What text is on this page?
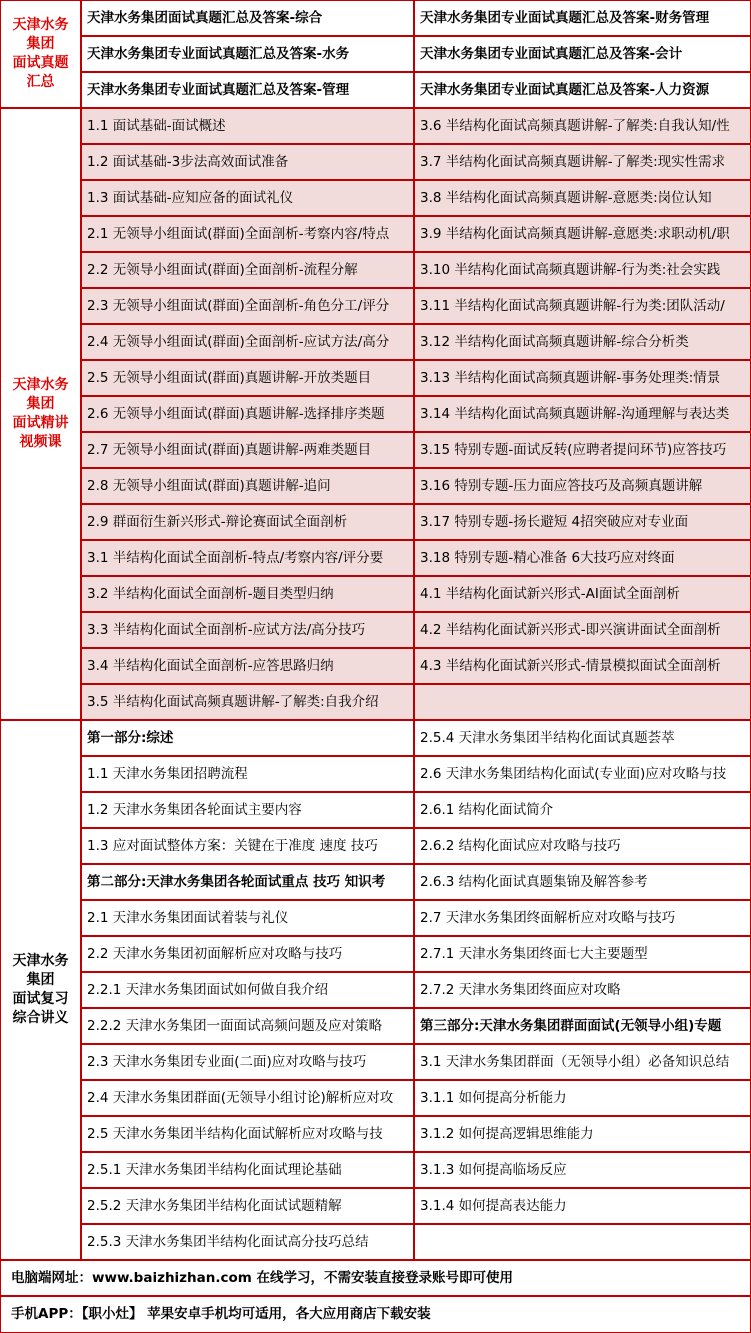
天津水务
集团
面试真题
汇总
天津水务
集团
面试精讲
视频课
天津水务
集团
面试复习
综合讲义
天津水务集团面试真题汇总及答案-综合
天津水务集团专业面试真题汇总及答案-水务
天津水务集团专业面试真题汇总及答案-管理
天津水务集团专业面试真题汇总及答案-财务管理
天津水务集团专业面试真题汇总及答案-会计
天津水务集团专业面试真题汇总及答案-人力资源
1.1 面试基础-面试概述
1.2 面试基础-3步法高效面试准备
1.3 面试基础-应知应备的面试礼仪
2.1 无领导小组面试(群面)全面剖析-考察内容/特点
2.2 无领导小组面试(群面)全面剖析-流程分解
2.3 无领导小组面试(群面)全面剖析-角色分工/评分
2.4 无领导小组面试(群面)全面剖析-应试方法/高分
2.5 无领导小组面试(群面)真题讲解-开放类题目
2.6 无领导小组面试(群面)真题讲解-选择排序类题
2.7 无领导小组面试(群面)真题讲解-两难类题目
2.8 无领导小组面试(群面)真题讲解-追问
2.9 群面衍生新兴形式-辩论赛面试全面剖析
3.1 半结构化面试全面剖析-特点/考察内容/评分要
3.2 半结构化面试全面剖析-题目类型归纳
3.3 半结构化面试全面剖析-应试方法/高分技巧
3.4 半结构化面试全面剖析-应答思路归纳
3.5 半结构化面试高频真题讲解-了解类:自我介绍
3.6 半结构化面试高频真题讲解-了解类:自我认知/性
3.7 半结构化面试高频真题讲解-了解类:现实性需求
3.8 半结构化面试高频真题讲解-意愿类:岗位认知
3.9 半结构化面试高频真题讲解-意愿类:求职动机/职
3.10 半结构化面试高频真题讲解-行为类:社会实践
3.11 半结构化面试高频真题讲解-行为类:团队活动/
3.12 半结构化面试高频真题讲解-综合分析类
3.13 半结构化面试高频真题讲解-事务处理类:情景
3.14 半结构化面试高频真题讲解-沟通理解与表达类
3.15 特别专题-面试反转(应聘者提问环节)应答技巧
3.16 特别专题-压力面应答技巧及高频真题讲解
3.17 特别专题-扬长避短 4招突破应对专业面
3.18 特别专题-精心准备 6大技巧应对终面
4.1 半结构化面试新兴形式-AI面试全面剖析
4.2 半结构化面试新兴形式-即兴演讲面试全面剖析
4.3 半结构化面试新兴形式-情景模拟面试全面剖析
第一部分:综述
1.1 天津水务集团招聘流程
1.2 天津水务集团各轮面试主要内容
1.3 应对面试整体方案：关键在于准度 速度 技巧
第二部分:天津水务集团各轮面试重点 技巧 知识考
2.1 天津水务集团面试着装与礼仪
2.2 天津水务集团初面解析应对攻略与技巧
2.2.1 天津水务集团面试如何做自我介绍
2.2.2 天津水务集团一面面试高频问题及应对策略
2.3 天津水务集团专业面(二面)应对攻略与技巧
2.4 天津水务集团群面(无领导小组讨论)解析应对攻
2.5 天津水务集团半结构化面试解析应对攻略与技
2.5.1 天津水务集团半结构化面试理论基础
2.5.2 天津水务集团半结构化面试试题精解
2.5.3 天津水务集团半结构化面试高分技巧总结
2.5.4 天津水务集团半结构化面试真题荟萃
2.6 天津水务集团结构化面试(专业面)应对攻略与技
2.6.1 结构化面试简介
2.6.2 结构化面试应对攻略与技巧
2.6.3 结构化面试真题集锦及解答参考
2.7 天津水务集团终面解析应对攻略与技巧
2.7.1 天津水务集团终面七大主要题型
2.7.2 天津水务集团终面应对攻略
第三部分:天津水务集团群面面试(无领导小组)专题
3.1 天津水务集团群面（无领导小组）必备知识总结
3.1.1 如何提高分析能力
3.1.2 如何提高逻辑思维能力
3.1.3 如何提高临场反应
3.1.4 如何提高表达能力
电脑端网址：www.baizhizhan.com 在线学习，不需安装直接登录账号即可使用
手机APP：【职小灶】 苹果安卓手机均可适用，各大应用商店下载安装
